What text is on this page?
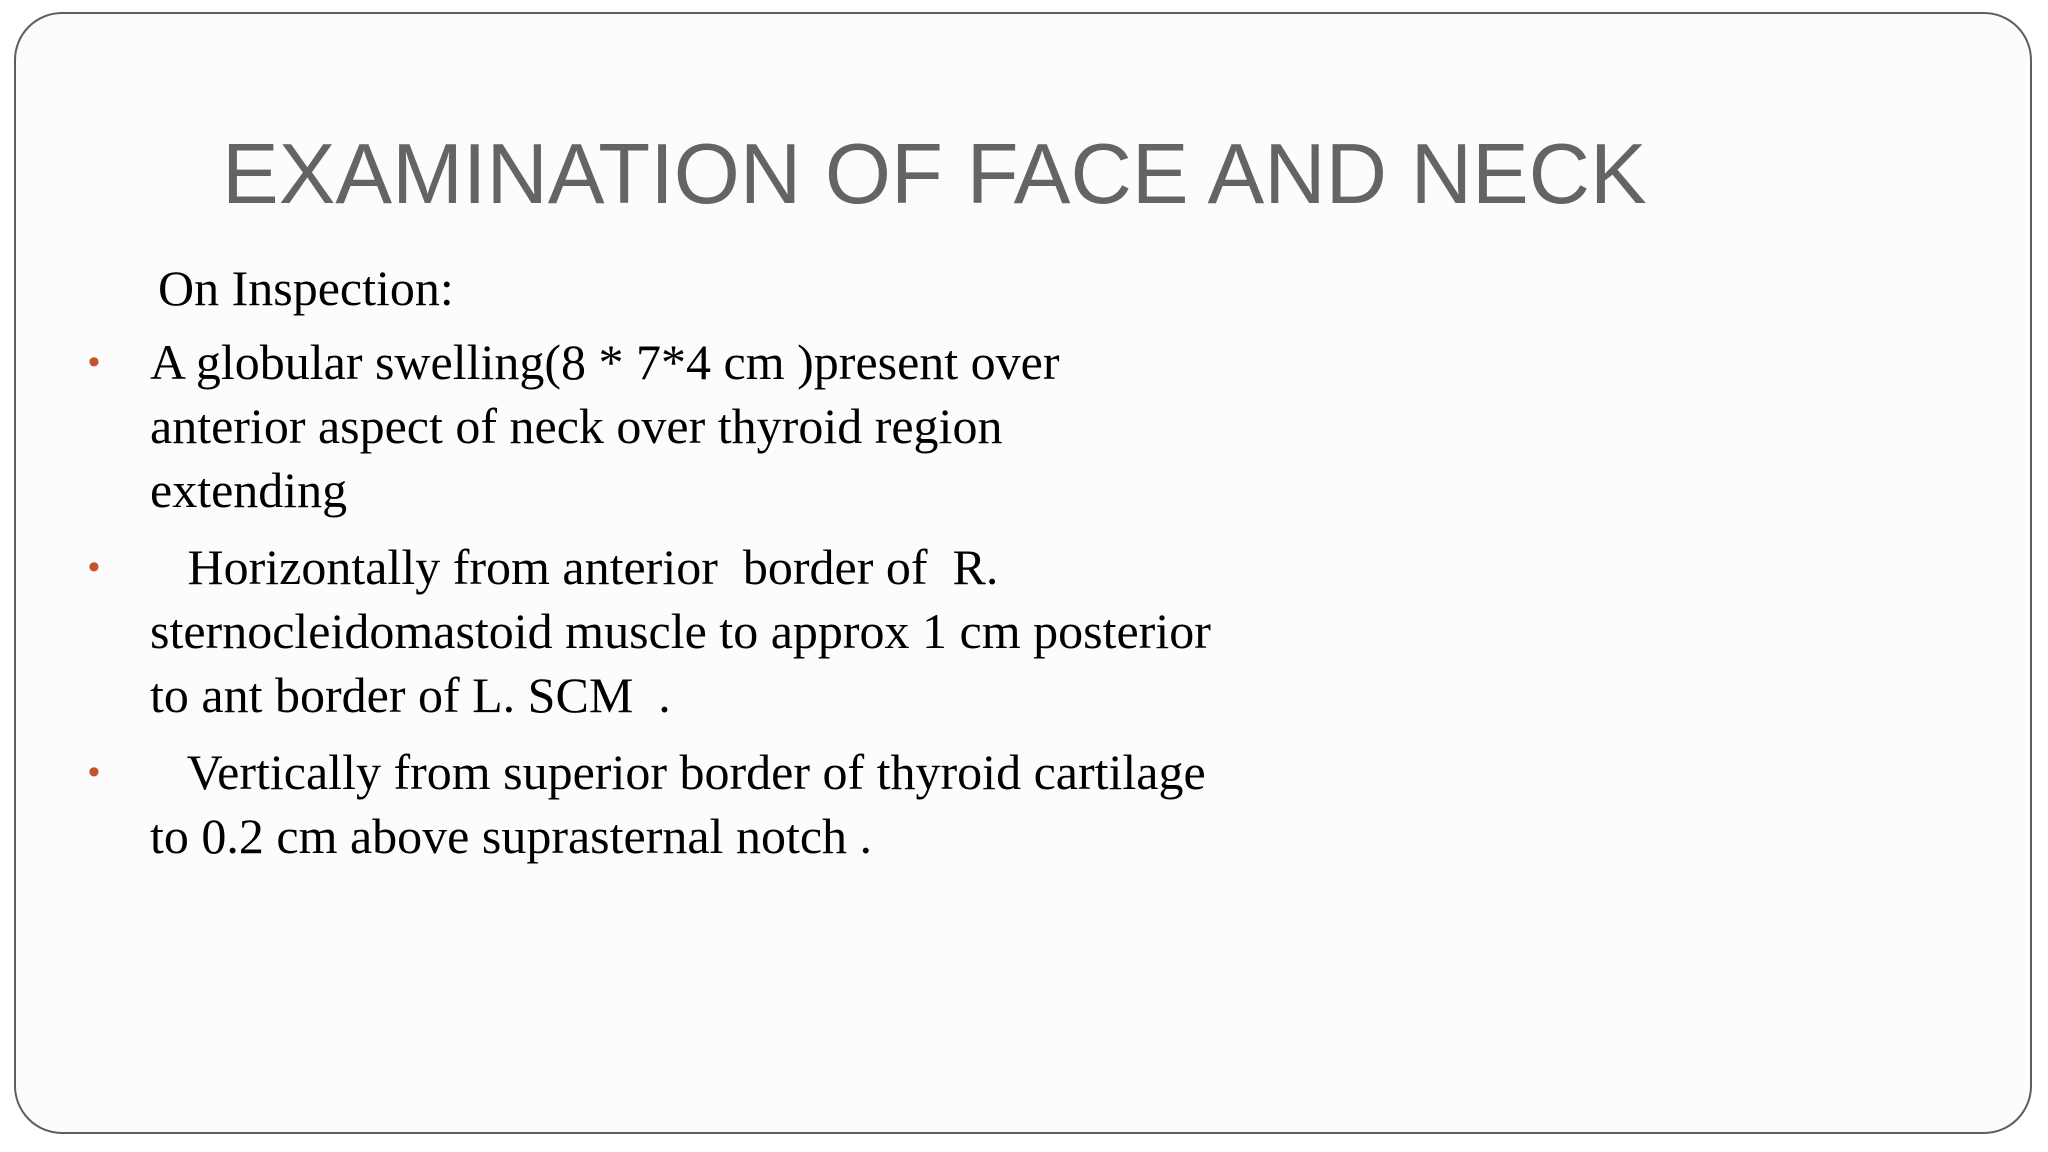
EXAMINATION OF FACE AND NECK

On Inspection:

• A globular swelling(8 * 7*4 cm )present over
anterior aspect of neck over thyroid region
extending
• Horizontally from anterior  border of  R.
sternocleidomastoid muscle to approx 1 cm posterior
to ant border of L. SCM  .
• Vertically from superior border of thyroid cartilage
to 0.2 cm above suprasternal notch .
